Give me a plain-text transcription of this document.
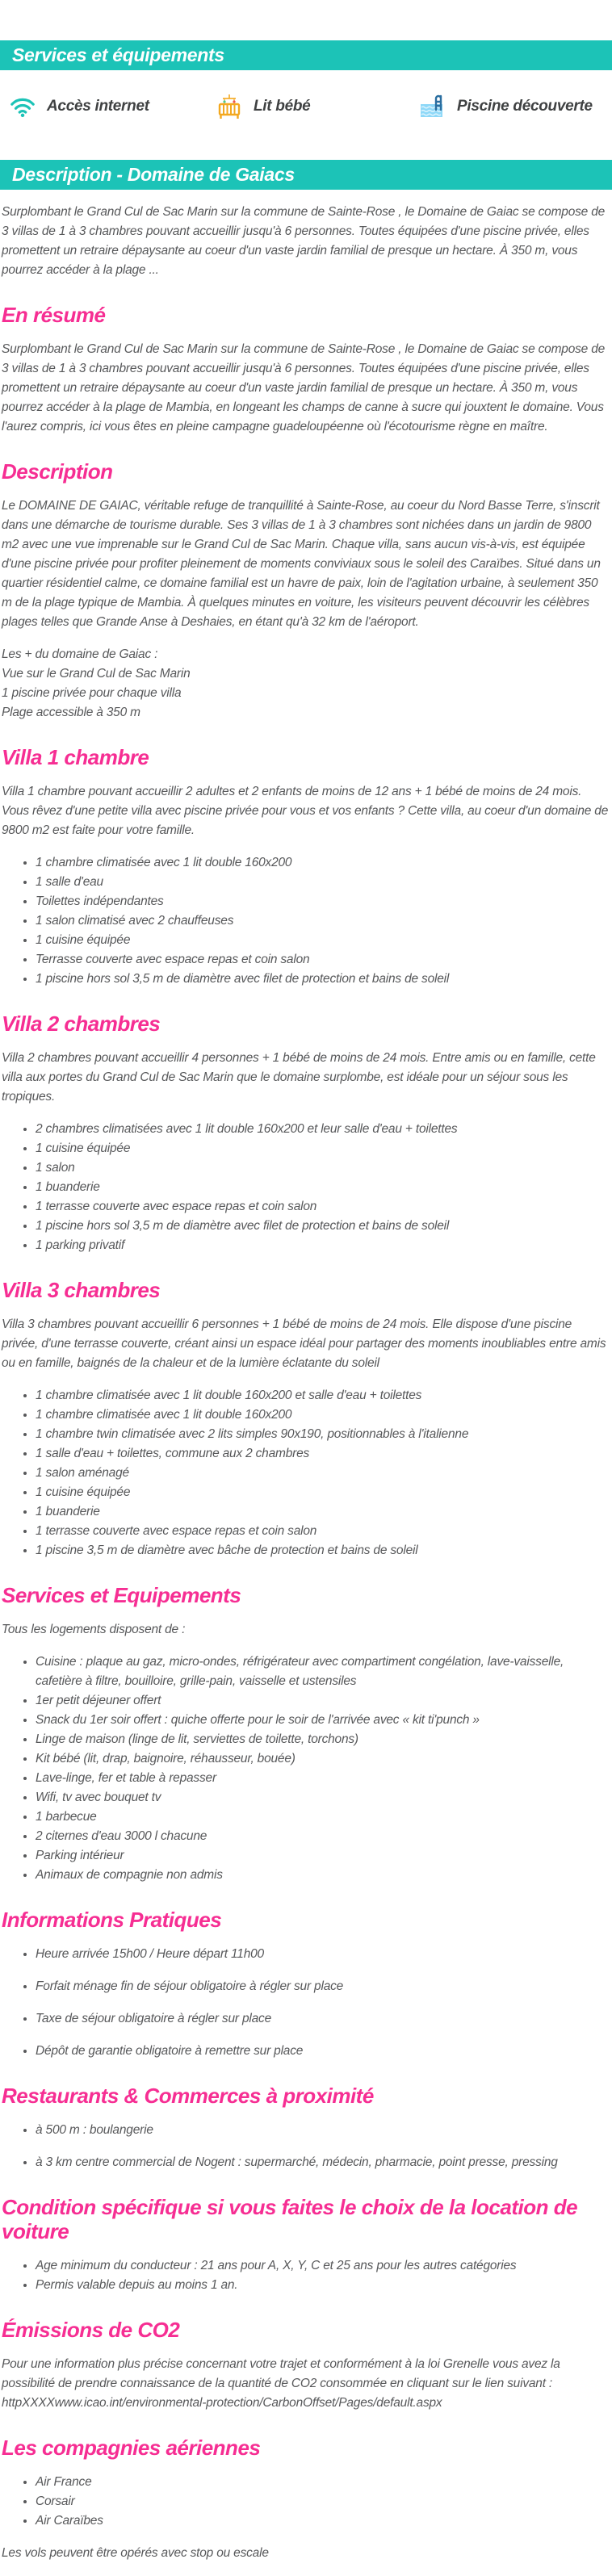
Services et équipements
Accès internet	Lit bébé	Piscine découverte
Description - Domaine de Gaiacs

Surplombant le Grand Cul de Sac Marin sur la commune de Sainte-Rose , le Domaine de Gaiac se compose de 3 villas de 1 à 3 chambres pouvant accueillir jusqu'à 6 personnes. Toutes équipées d'une piscine privée, elles promettent un retraire dépaysante au coeur d'un vaste jardin familial de presque un hectare. À 350 m, vous pourrez accéder à la plage ...

En résumé

Surplombant le Grand Cul de Sac Marin sur la commune de Sainte-Rose , le Domaine de Gaiac se compose de 3 villas de 1 à 3 chambres pouvant accueillir jusqu'à 6 personnes. Toutes équipées d'une piscine privée, elles promettent un retraire dépaysante au coeur d'un vaste jardin familial de presque un hectare. À 350 m, vous pourrez accéder à la plage de Mambia, en longeant les champs de canne à sucre qui jouxtent le domaine. Vous l'aurez compris, ici vous êtes en pleine campagne guadeloupéenne où l'écotourisme règne en maître.

Description

Le DOMAINE DE GAIAC, véritable refuge de tranquillité à Sainte-Rose, au coeur du Nord Basse Terre, s'inscrit dans une démarche de tourisme durable. Ses 3 villas de 1 à 3 chambres sont nichées dans un jardin de 9800 m2 avec une vue imprenable sur le Grand Cul de Sac Marin. Chaque villa, sans aucun vis-à-vis, est équipée d'une piscine privée pour profiter pleinement de moments conviviaux sous le soleil des Caraïbes. Situé dans un quartier résidentiel calme, ce domaine familial est un havre de paix, loin de l'agitation urbaine, à seulement 350 m de la plage typique de Mambia. À quelques minutes en voiture, les visiteurs peuvent découvrir les célèbres plages telles que Grande Anse à Deshaies, en étant qu'à 32 km de l'aéroport.

Les + du domaine de Gaiac :
Vue sur le Grand Cul de Sac Marin
1 piscine privée pour chaque villa
Plage accessible à 350 m

Villa 1 chambre

Villa 1 chambre pouvant accueillir 2 adultes et 2 enfants de moins de 12 ans + 1 bébé de moins de 24 mois. Vous rêvez d'une petite villa avec piscine privée pour vous et vos enfants ? Cette villa, au coeur d'un domaine de 9800 m2 est faite pour votre famille.

• 1 chambre climatisée avec 1 lit double 160x200
• 1 salle d'eau
• Toilettes indépendantes
• 1 salon climatisé avec 2 chauffeuses
• 1 cuisine équipée
• Terrasse couverte avec espace repas et coin salon
• 1 piscine hors sol 3,5 m de diamètre avec filet de protection et bains de soleil
Villa 2 chambres

Villa 2 chambres pouvant accueillir 4 personnes + 1 bébé de moins de 24 mois. Entre amis ou en famille, cette villa aux portes du Grand Cul de Sac Marin que le domaine surplombe, est idéale pour un séjour sous les tropiques.

• 2 chambres climatisées avec 1 lit double 160x200 et leur salle d'eau + toilettes
• 1 cuisine équipée
• 1 salon
• 1 buanderie
• 1 terrasse couverte avec espace repas et coin salon
• 1 piscine hors sol 3,5 m de diamètre avec filet de protection et bains de soleil
• 1 parking privatif
Villa 3 chambres

Villa 3 chambres pouvant accueillir 6 personnes + 1 bébé de moins de 24 mois. Elle dispose d'une piscine privée, d'une terrasse couverte, créant ainsi un espace idéal pour partager des moments inoubliables entre amis ou en famille, baignés de la chaleur et de la lumière éclatante du soleil

• 1 chambre climatisée avec 1 lit double 160x200 et salle d'eau + toilettes
• 1 chambre climatisée avec 1 lit double 160x200
• 1 chambre twin climatisée avec 2 lits simples 90x190, positionnables à l'italienne
• 1 salle d'eau + toilettes, commune aux 2 chambres
• 1 salon aménagé
• 1 cuisine équipée
• 1 buanderie
• 1 terrasse couverte avec espace repas et coin salon
• 1 piscine 3,5 m de diamètre avec bâche de protection et bains de soleil
Services et Equipements

Tous les logements disposent de :

• Cuisine : plaque au gaz, micro-ondes, réfrigérateur avec compartiment congélation, lave-vaisselle, cafetière à filtre, bouilloire, grille-pain, vaisselle et ustensiles
• 1er petit déjeuner offert
• Snack du 1er soir offert : quiche offerte pour le soir de l'arrivée avec « kit ti'punch »
• Linge de maison (linge de lit, serviettes de toilette, torchons)
• Kit bébé (lit, drap, baignoire, réhausseur, bouée)
• Lave-linge, fer et table à repasser
• Wifi, tv avec bouquet tv
• 1 barbecue
• 2 citernes d'eau 3000 l chacune
• Parking intérieur
• Animaux de compagnie non admis
Informations Pratiques
• Heure arrivée 15h00 / Heure départ 11h00
• Forfait ménage fin de séjour obligatoire à régler sur place
• Taxe de séjour obligatoire à régler sur place
• Dépôt de garantie obligatoire à remettre sur place
Restaurants & Commerces à proximité
• à 500 m : boulangerie
• à 3 km centre commercial de Nogent : supermarché, médecin, pharmacie, point presse, pressing
Condition spécifique si vous faites le choix de la location de voiture
• Age minimum du conducteur : 21 ans pour A, X, Y, C et 25 ans pour les autres catégories
• Permis valable depuis au moins 1 an.
Émissions de CO2

Pour une information plus précise concernant votre trajet et conformément à la loi Grenelle vous avez la possibilité de prendre connaissance de la quantité de CO2 consommée en cliquant sur le lien suivant :
httpXXXXwww.icao.int/environmental-protection/CarbonOffset/Pages/default.aspx

Les compagnies aériennes
• Air France
• Corsair
• Air Caraïbes

Les vols peuvent être opérés avec stop ou escale
